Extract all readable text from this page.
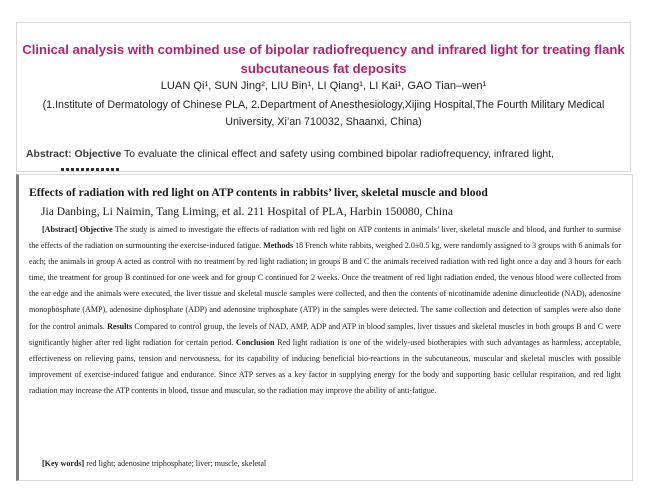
Clinical analysis with combined use of bipolar radiofrequency and infrared light for treating flank subcutaneous fat deposits
LUAN Qi¹, SUN Jing², LIU Bin¹, LI Qiang¹, LI Kai¹, GAO Tian–wen¹
(1.Institute of Dermatology of Chinese PLA, 2.Department of Anesthesiology,Xijing Hospital,The Fourth Military Medical University, Xi’an 710032, Shaanxi, China)
Abstract: Objective To evaluate the clinical effect and safety using combined bipolar radiofrequency, infrared light,
Effects of radiation with red light on ATP contents in rabbits’ liver, skeletal muscle and blood
Jia Danbing, Li Naimin, Tang Liming, et al. 211 Hospital of PLA, Harbin 150080, China
[Abstract] Objective The study is aimed to investigate the effects of radiation with red light on ATP contents in animals’ liver, skeletal muscle and blood, and further to surmise the effects of the radiation on surmounting the exercise-induced fatigue. Methods 18 French white rabbits, weighed 2.0±0.5 kg, were randomly assigned to 3 groups with 6 animals for each; the animals in group A acted as control with no treatment by red light radiation; in groups B and C the animals received radiation with red light once a day and 3 hours for each time, the treatment for group B continued for one week and for group C continued for 2 weeks. Once the treatment of red light radiation ended, the venous blood were collected from the ear edge and the animals were executed, the liver tissue and skeletal muscle samples were collected, and then the contents of nicotinamide adenine dinucleotide (NAD), adenosine monophosphate (AMP), adenosine diphosphate (ADP) and adenosine triphosphate (ATP) in the samples were detected. The same collection and detection of samples were also done for the control animals. Results Compared to control group, the levels of NAD, AMP, ADP and ATP in blood samples, liver tissues and skeletal muscles in both groups B and C were significantly higher after red light radiation for certain period. Conclusion Red light radiation is one of the widely-used biotherapies with such advantages as harmless, acceptable, effectiveness on relieving pains, tension and nervousness, for its capability of inducing beneficial bio-reactions in the subcutaneous, muscular and skeletal muscles with possible improvement of exercise-induced fatigue and endurance. Since ATP serves as a key factor in supplying energy for the body and supporting basic cellular respiration, and red light radiation may increase the ATP contents in blood, tissue and muscular, so the radiation may improve the ability of anti-fatigue.
[Key words] red light; adenosine triphosphate; liver; muscle, skeletal
